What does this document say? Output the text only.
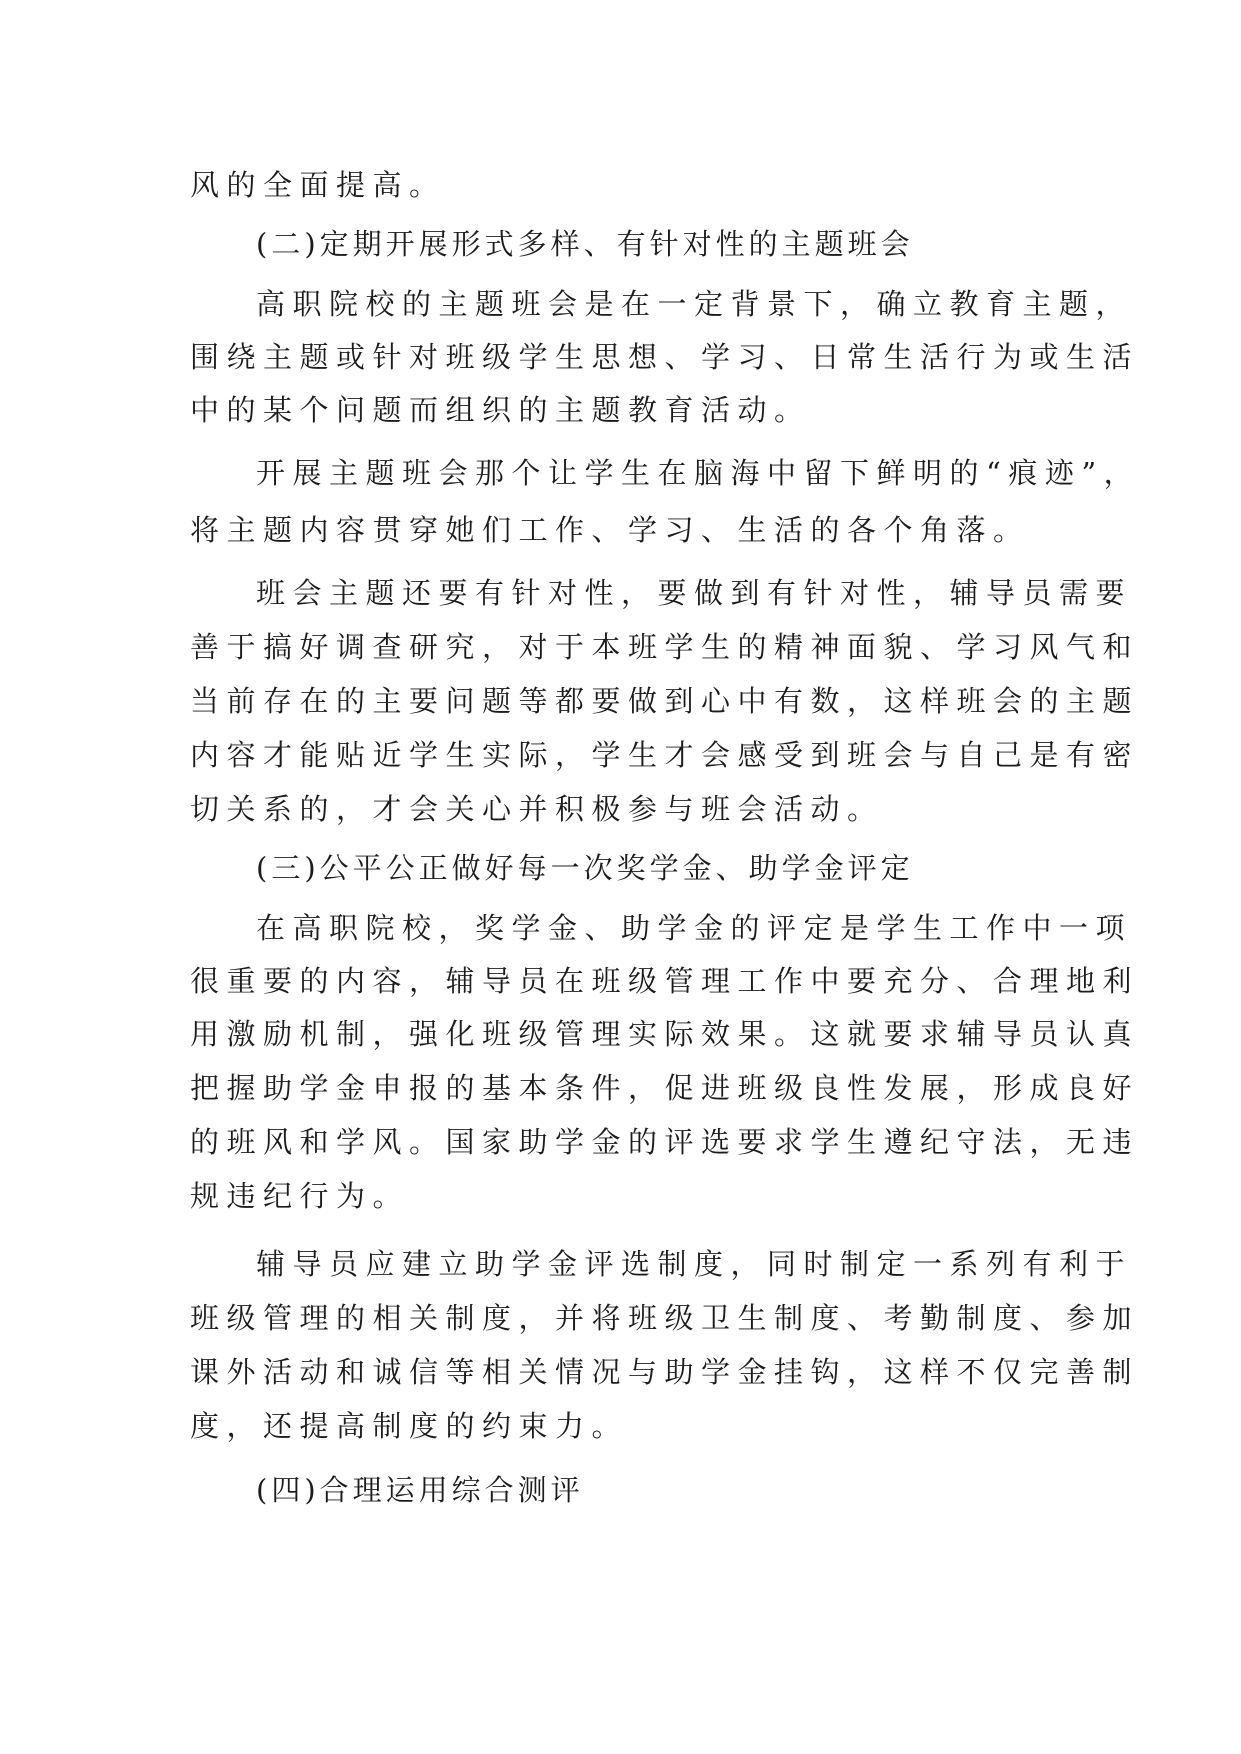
风的全面提高。
(二)定期开展形式多样、有针对性的主题班会
高职院校的主题班会是在一定背景下，确立教育主题，
围绕主题或针对班级学生思想、学习、日常生活行为或生活
中的某个问题而组织的主题教育活动。
开展主题班会那个让学生在脑海中留下鲜明的“痕迹”，
将主题内容贯穿她们工作、学习、生活的各个角落。
班会主题还要有针对性，要做到有针对性，辅导员需要
善于搞好调查研究，对于本班学生的精神面貌、学习风气和
当前存在的主要问题等都要做到心中有数，这样班会的主题
内容才能贴近学生实际，学生才会感受到班会与自己是有密
切关系的，才会关心并积极参与班会活动。
(三)公平公正做好每一次奖学金、助学金评定
在高职院校，奖学金、助学金的评定是学生工作中一项
很重要的内容，辅导员在班级管理工作中要充分、合理地利
用激励机制，强化班级管理实际效果。这就要求辅导员认真
把握助学金申报的基本条件，促进班级良性发展，形成良好
的班风和学风。国家助学金的评选要求学生遵纪守法，无违
规违纪行为。
辅导员应建立助学金评选制度，同时制定一系列有利于
班级管理的相关制度，并将班级卫生制度、考勤制度、参加
课外活动和诚信等相关情况与助学金挂钩，这样不仅完善制
度，还提高制度的约束力。
(四)合理运用综合测评
